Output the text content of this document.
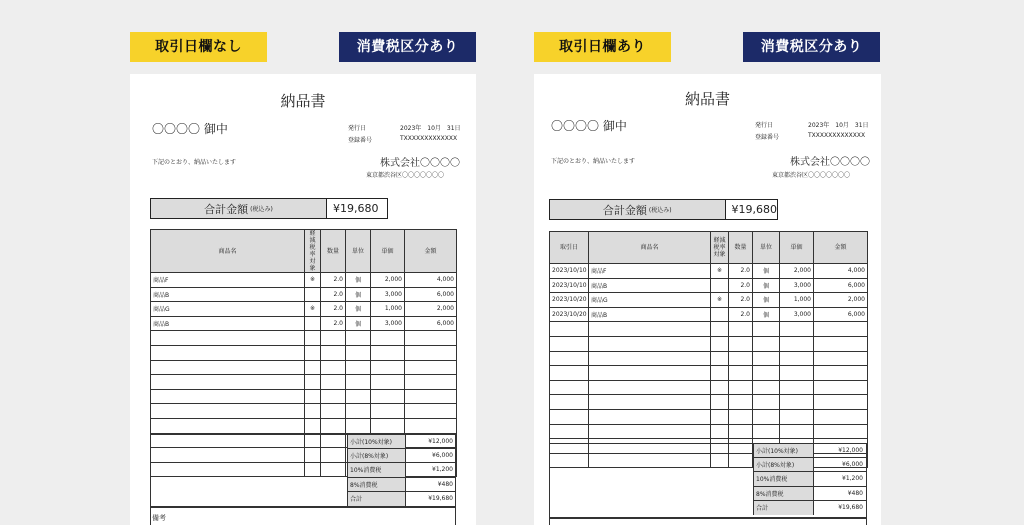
取引日欄なし	消費税区分あり
納品書
〇〇〇〇 御中	発行日	2023年　10月　31日
登録番号	TXXXXXXXXXXXXX
下記のとおり、納品いたします	株式会社〇〇〇〇
東京都渋谷区〇〇〇〇〇〇〇
合計金額 (税込み)	¥19,680
商品名	軽減税率対象	数量	単位	単価	金額
商品F	※	2.0	個	2,000	4,000
商品B		2.0	個	3,000	6,000
商品G	※	2.0	個	1,000	2,000
商品B		2.0	個	3,000	6,000

小計(10%対象)	¥12,000
小計(8%対象)	¥6,000
10%消費税	¥1,200
8%消費税	¥480
合計	¥19,680
備考
取引日欄あり	消費税区分あり
納品書
〇〇〇〇 御中	発行日	2023年　10月　31日
登録番号	TXXXXXXXXXXXXX
下記のとおり、納品いたします	株式会社〇〇〇〇
東京都渋谷区〇〇〇〇〇〇〇
合計金額 (税込み)	¥19,680
取引日	商品名	軽減税率対象	数量	単位	単価	金額
2023/10/10	商品F	※	2.0	個	2,000	4,000
2023/10/10	商品B		2.0	個	3,000	6,000
2023/10/20	商品G	※	2.0	個	1,000	2,000
2023/10/20	商品B		2.0	個	3,000	6,000

小計(10%対象)	¥12,000
小計(8%対象)	¥6,000
10%消費税	¥1,200
8%消費税	¥480
合計	¥19,680
